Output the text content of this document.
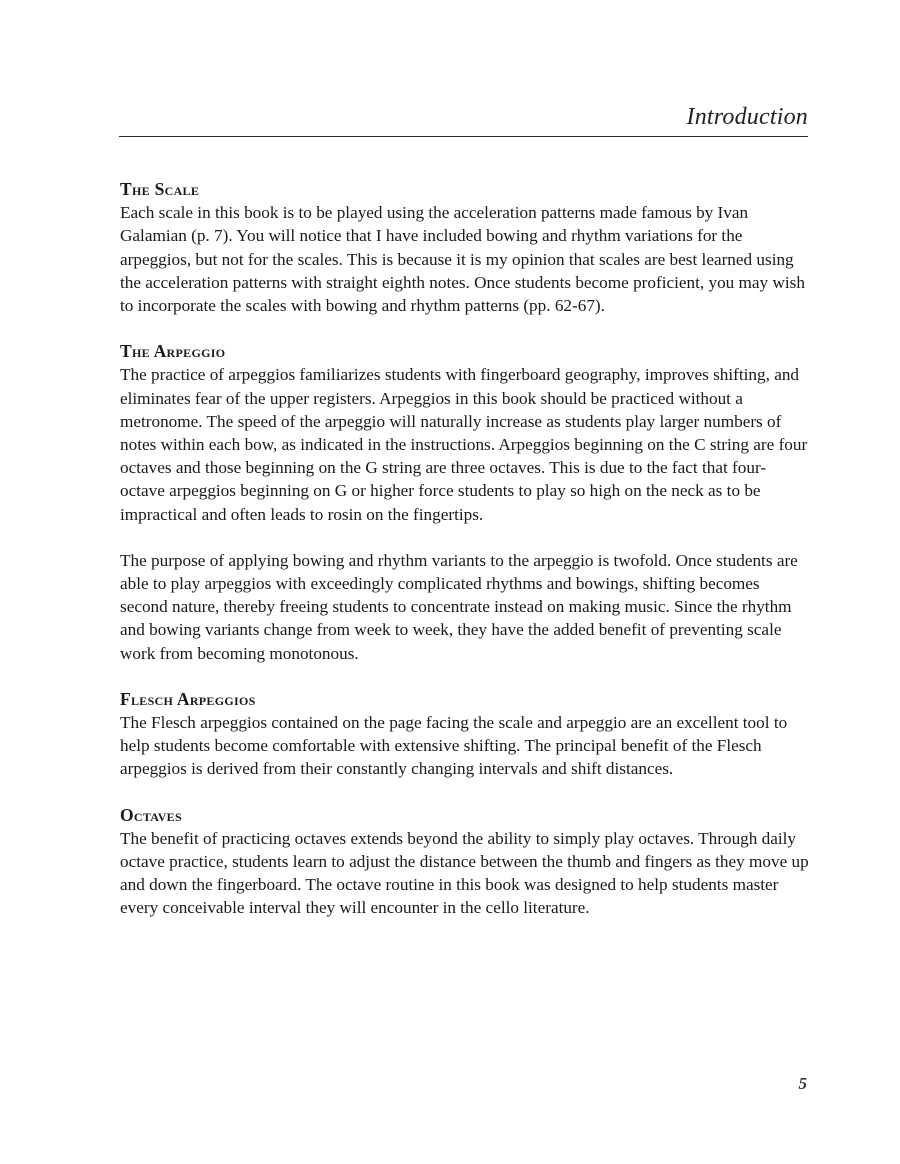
Introduction
The Scale

Each scale in this book is to be played using the acceleration patterns made famous by Ivan Galamian (p. 7). You will notice that I have included bowing and rhythm variations for the arpeggios, but not for the scales. This is because it is my opinion that scales are best learned using the acceleration patterns with straight eighth notes. Once students become proficient, you may wish to incorporate the scales with bowing and rhythm patterns (pp. 62-67).

The Arpeggio

The practice of arpeggios familiarizes students with fingerboard geography, improves shifting, and eliminates fear of the upper registers. Arpeggios in this book should be practiced without a metronome. The speed of the arpeggio will naturally increase as students play larger numbers of notes within each bow, as indicated in the instructions. Arpeggios beginning on the C string are four octaves and those beginning on the G string are three octaves. This is due to the fact that four-octave arpeggios beginning on G or higher force students to play so high on the neck as to be impractical and often leads to rosin on the fingertips.

The purpose of applying bowing and rhythm variants to the arpeggio is twofold. Once students are able to play arpeggios with exceedingly complicated rhythms and bowings, shifting becomes second nature, thereby freeing students to concentrate instead on making music. Since the rhythm and bowing variants change from week to week, they have the added benefit of preventing scale work from becoming monotonous.

Flesch Arpeggios

The Flesch arpeggios contained on the page facing the scale and arpeggio are an excellent tool to help students become comfortable with extensive shifting. The principal benefit of the Flesch arpeggios is derived from their constantly changing intervals and shift distances.

Octaves

The benefit of practicing octaves extends beyond the ability to simply play octaves. Through daily octave practice, students learn to adjust the distance between the thumb and fingers as they move up and down the fingerboard. The octave routine in this book was designed to help students master every conceivable interval they will encounter in the cello literature.

5
